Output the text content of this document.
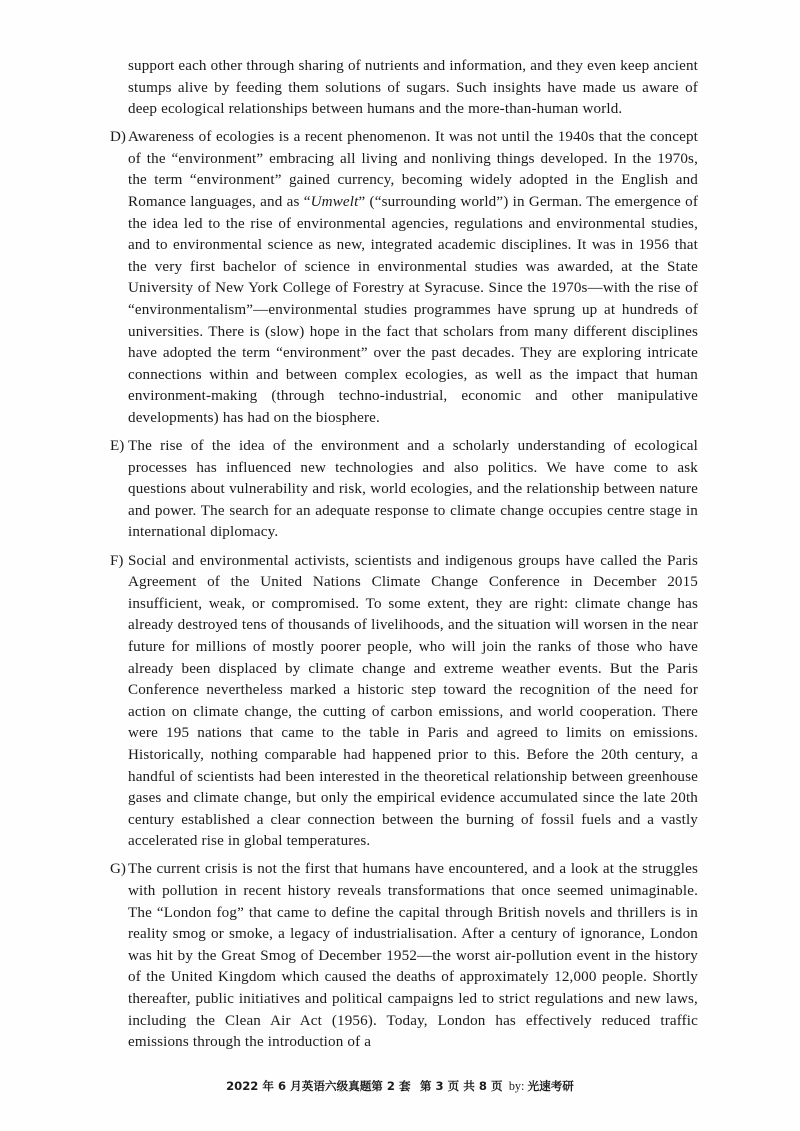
support each other through sharing of nutrients and information, and they even keep ancient stumps alive by feeding them solutions of sugars. Such insights have made us aware of deep ecological relationships between humans and the more-than-human world.

D) Awareness of ecologies is a recent phenomenon. It was not until the 1940s that the concept of the “environment” embracing all living and nonliving things developed. In the 1970s, the term “environment” gained currency, becoming widely adopted in the English and Romance languages, and as “Umwelt” (“surrounding world”) in German. The emergence of the idea led to the rise of environmental agencies, regulations and environmental studies, and to environmental science as new, integrated academic disciplines. It was in 1956 that the very first bachelor of science in environmental studies was awarded, at the State University of New York College of Forestry at Syracuse. Since the 1970s—with the rise of “environmentalism”—environmental studies programmes have sprung up at hundreds of universities. There is (slow) hope in the fact that scholars from many different disciplines have adopted the term “environment” over the past decades. They are exploring intricate connections within and between complex ecologies, as well as the impact that human environment-making (through techno-industrial, economic and other manipulative developments) has had on the biosphere.

E) The rise of the idea of the environment and a scholarly understanding of ecological processes has influenced new technologies and also politics. We have come to ask questions about vulnerability and risk, world ecologies, and the relationship between nature and power. The search for an adequate response to climate change occupies centre stage in international diplomacy.

F) Social and environmental activists, scientists and indigenous groups have called the Paris Agreement of the United Nations Climate Change Conference in December 2015 insufficient, weak, or compromised. To some extent, they are right: climate change has already destroyed tens of thousands of livelihoods, and the situation will worsen in the near future for millions of mostly poorer people, who will join the ranks of those who have already been displaced by climate change and extreme weather events. But the Paris Conference nevertheless marked a historic step toward the recognition of the need for action on climate change, the cutting of carbon emissions, and world cooperation. There were 195 nations that came to the table in Paris and agreed to limits on emissions. Historically, nothing comparable had happened prior to this. Before the 20th century, a handful of scientists had been interested in the theoretical relationship between greenhouse gases and climate change, but only the empirical evidence accumulated since the late 20th century established a clear connection between the burning of fossil fuels and a vastly accelerated rise in global temperatures.

G) The current crisis is not the first that humans have encountered, and a look at the struggles with pollution in recent history reveals transformations that once seemed unimaginable. The “London fog” that came to define the capital through British novels and thrillers is in reality smog or smoke, a legacy of industrialisation. After a century of ignorance, London was hit by the Great Smog of December 1952—the worst air-pollution event in the history of the United Kingdom which caused the deaths of approximately 12,000 people. Shortly thereafter, public initiatives and political campaigns led to strict regulations and new laws, including the Clean Air Act (1956). Today, London has effectively reduced traffic emissions through the introduction of a

2022 年 6 月英语六级真题第 2 套 第 3 页 共 8 页 by: 光速考研
